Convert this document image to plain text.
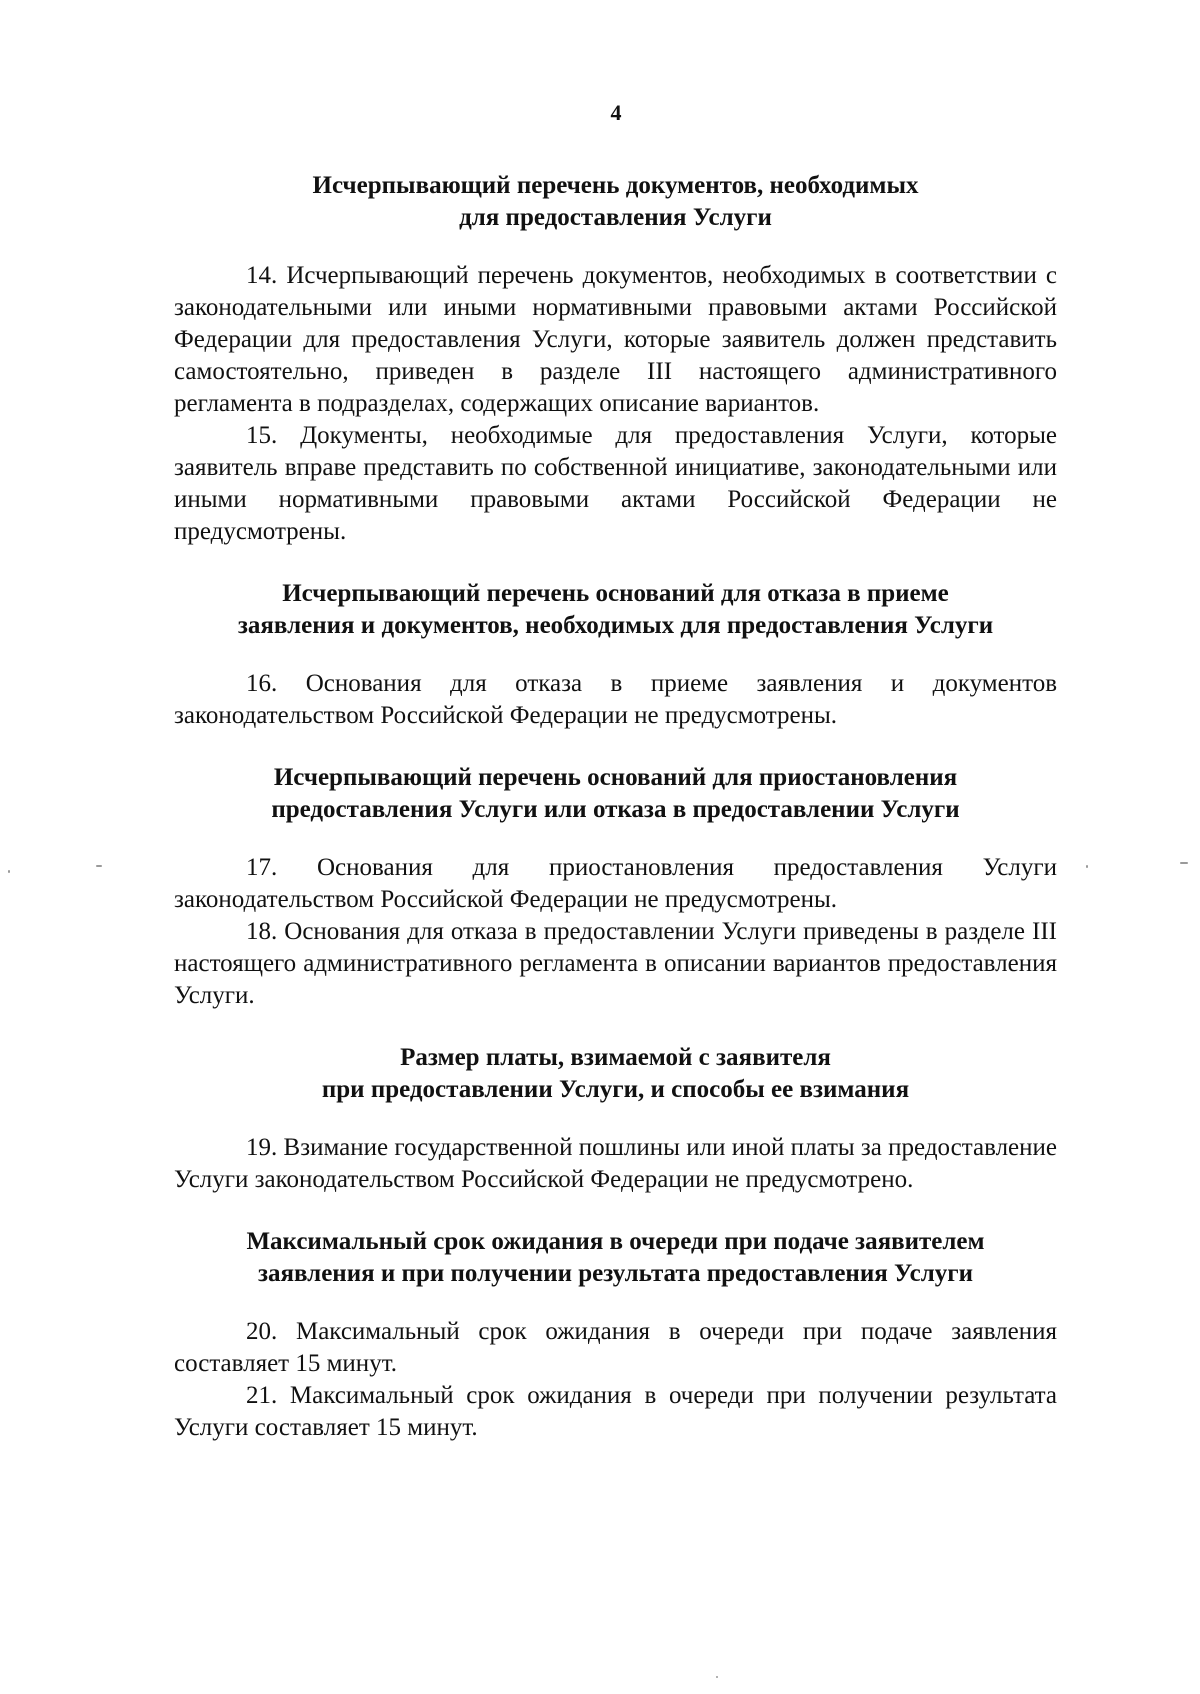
4
Исчерпывающий перечень документов, необходимых
для предоставления Услуги

14. Исчерпывающий перечень документов, необходимых в соответствии с законодательными или иными нормативными правовыми актами Российской Федерации для предоставления Услуги, которые заявитель должен представить самостоятельно, приведен в разделе III настоящего административного регламента в подразделах, содержащих описание вариантов.

15. Документы, необходимые для предоставления Услуги, которые заявитель вправе представить по собственной инициативе, законодательными или иными нормативными правовыми актами Российской Федерации не предусмотрены.

Исчерпывающий перечень оснований для отказа в приеме
заявления и документов, необходимых для предоставления Услуги

16. Основания для отказа в приеме заявления и документов законодательством Российской Федерации не предусмотрены.

Исчерпывающий перечень оснований для приостановления
предоставления Услуги или отказа в предоставлении Услуги

17. Основания для приостановления предоставления Услуги законодательством Российской Федерации не предусмотрены.

18. Основания для отказа в предоставлении Услуги приведены в разделе III настоящего административного регламента в описании вариантов предоставления Услуги.

Размер платы, взимаемой с заявителя
при предоставлении Услуги, и способы ее взимания

19. Взимание государственной пошлины или иной платы за предоставление Услуги законодательством Российской Федерации не предусмотрено.

Максимальный срок ожидания в очереди при подаче заявителем
заявления и при получении результата предоставления Услуги

20. Максимальный срок ожидания в очереди при подаче заявления составляет 15 минут.

21. Максимальный срок ожидания в очереди при получении результата Услуги составляет 15 минут.
